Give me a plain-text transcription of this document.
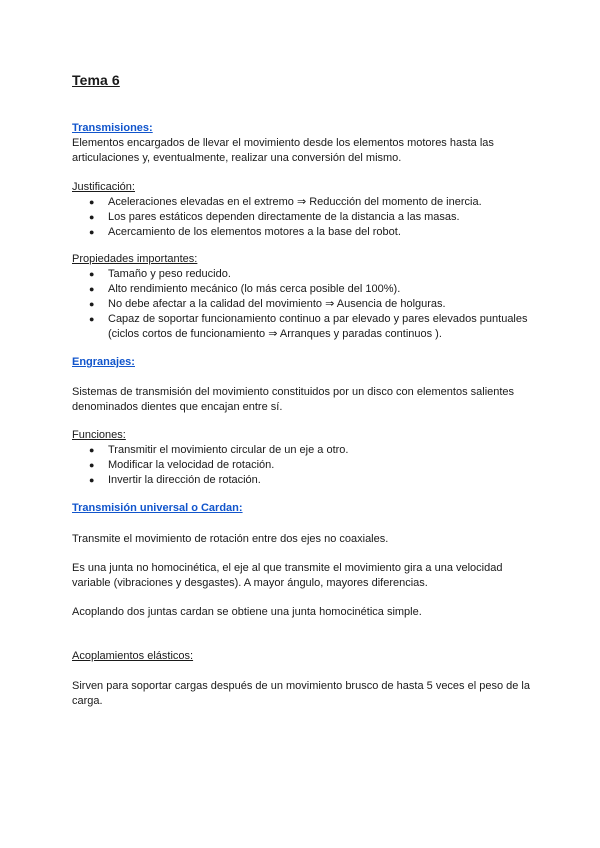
Tema 6
Transmisiones:
Elementos encargados de llevar el movimiento desde los elementos motores hasta las articulaciones y, eventualmente, realizar una conversión del mismo.
Justificación:
● Aceleraciones elevadas en el extremo ⇒ Reducción del momento de inercia.
● Los pares estáticos dependen directamente de la distancia a las masas.
● Acercamiento de los elementos motores a la base del robot.
Propiedades importantes:
● Tamaño y peso reducido.
● Alto rendimiento mecánico (lo más cerca posible del 100%).
● No debe afectar a la calidad del movimiento ⇒ Ausencia de holguras.
● Capaz de soportar funcionamiento continuo a par elevado y pares elevados puntuales (ciclos cortos de funcionamiento ⇒ Arranques y paradas continuos ).
Engranajes:
Sistemas de transmisión del movimiento constituidos por un disco con elementos salientes denominados dientes que encajan entre sí.
Funciones:
● Transmitir el movimiento circular de un eje a otro.
● Modificar la velocidad de rotación.
● Invertir la dirección de rotación.
Transmisión universal o Cardan:
Transmite el movimiento de rotación entre dos ejes no coaxiales.
Es una junta no homocinética, el eje al que transmite el movimiento gira a una velocidad variable (vibraciones y desgastes). A mayor ángulo, mayores diferencias.
Acoplando dos juntas cardan se obtiene una junta homocinética simple.
Acoplamientos elásticos:
Sirven para soportar cargas después de un movimiento brusco de hasta 5 veces el peso de la carga.
